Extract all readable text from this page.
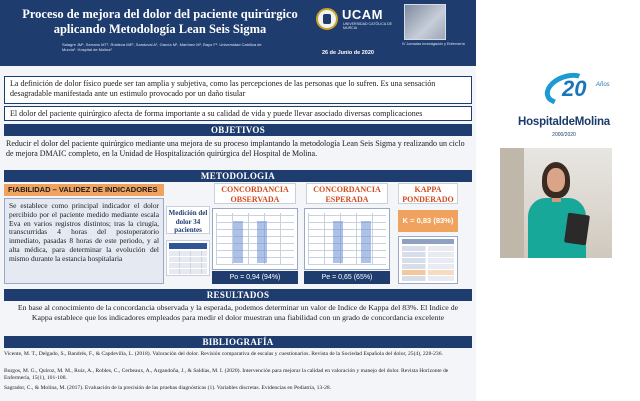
Proceso de mejora del dolor del paciente quirúrgico aplicando Metodología Lean Seis Sigma
Salagre JM¹, Serrano MT¹, Robleza ME¹, Sandoval A¹, García M¹, Martínez M¹, Bayo F¹. Universidad Católica de Murcia¹. Hospital de Molina¹
UCAM
UNIVERSIDAD CATÓLICA DE MURCIA
26 de Junio de 2020
IV Jornadas Investigación y Enfermería
La definición de dolor físico puede ser tan amplia y subjetiva, como las percepciones de las personas que lo sufren. Es una sensación desagradable manifestada ante un estimulo provocado por un daño tisular
El dolor del paciente quirúrgico afecta de forma importante a su calidad de vida y puede llevar asociado diversas complicaciones
OBJETIVOS
Reducir el dolor del paciente quirúrgico mediante una mejora de su proceso implantando la metodología Lean Seis Sigma y realizando un ciclo de mejora DMAIC completo, en la Unidad de Hospitalización quirúrgica del Hospital de Molina.
METODOLOGIA
FIABILIDAD – VALIDEZ DE INDICADORES
Se establece como principal indicador el dolor percibido por el paciente medido mediante escala Eva en varios registros distintos; tras la cirugía, transcurridas 4 horas del postoperatorio inmediato, pasadas 8 horas de este periodo, y al alta médica, para determinar la evolución del mismo durante la estancia hospitalaria
Medición del dolor 34 pacientes
CONCORDANCIA OBSERVADA
CONCORDANCIA ESPERADA
KAPPA PONDERADO
Po = 0,94 (94%)	Pe = 0,65 (65%)
K = 0,83 (83%)
RESULTADOS
En base al conocimiento de la concordancia observada y la esperada, podemos determinar un valor de Indice de Kappa del 83%. El Indice de Kappa establece que los indicadores empleados para medir el dolor muestran una fiabilidad con un grado de concordancia excelente
BIBLIOGRAFÍA
Vicente, M. T., Delgado, S., Bandrés, F., & Capdevilla, L. (2018). Valoración del dolor. Revisión comparativa de escalas y cuestionarios. Revista de la Sociedad Española del dolor, 25(4), 228-236.
Burgos, M. G., Quiroz, M. M., Ruiz, A., Robles, C., Cerbeaux, A., Argandoña, J., & Saldías, M. I. (2020). Intervención para mejorar la calidad en valoración y manejo del dolor. Revista Horizonte de Enfermería, 15(1), 101-108.
Sagrador, C., & Molina, M. (2017). Evaluación de la precisión de las pruebas diagnósticas (1). Variables discretas. Evidencias en Pediatría, 13-28.
20 Años
HospitaldeMolina
2000/2020
